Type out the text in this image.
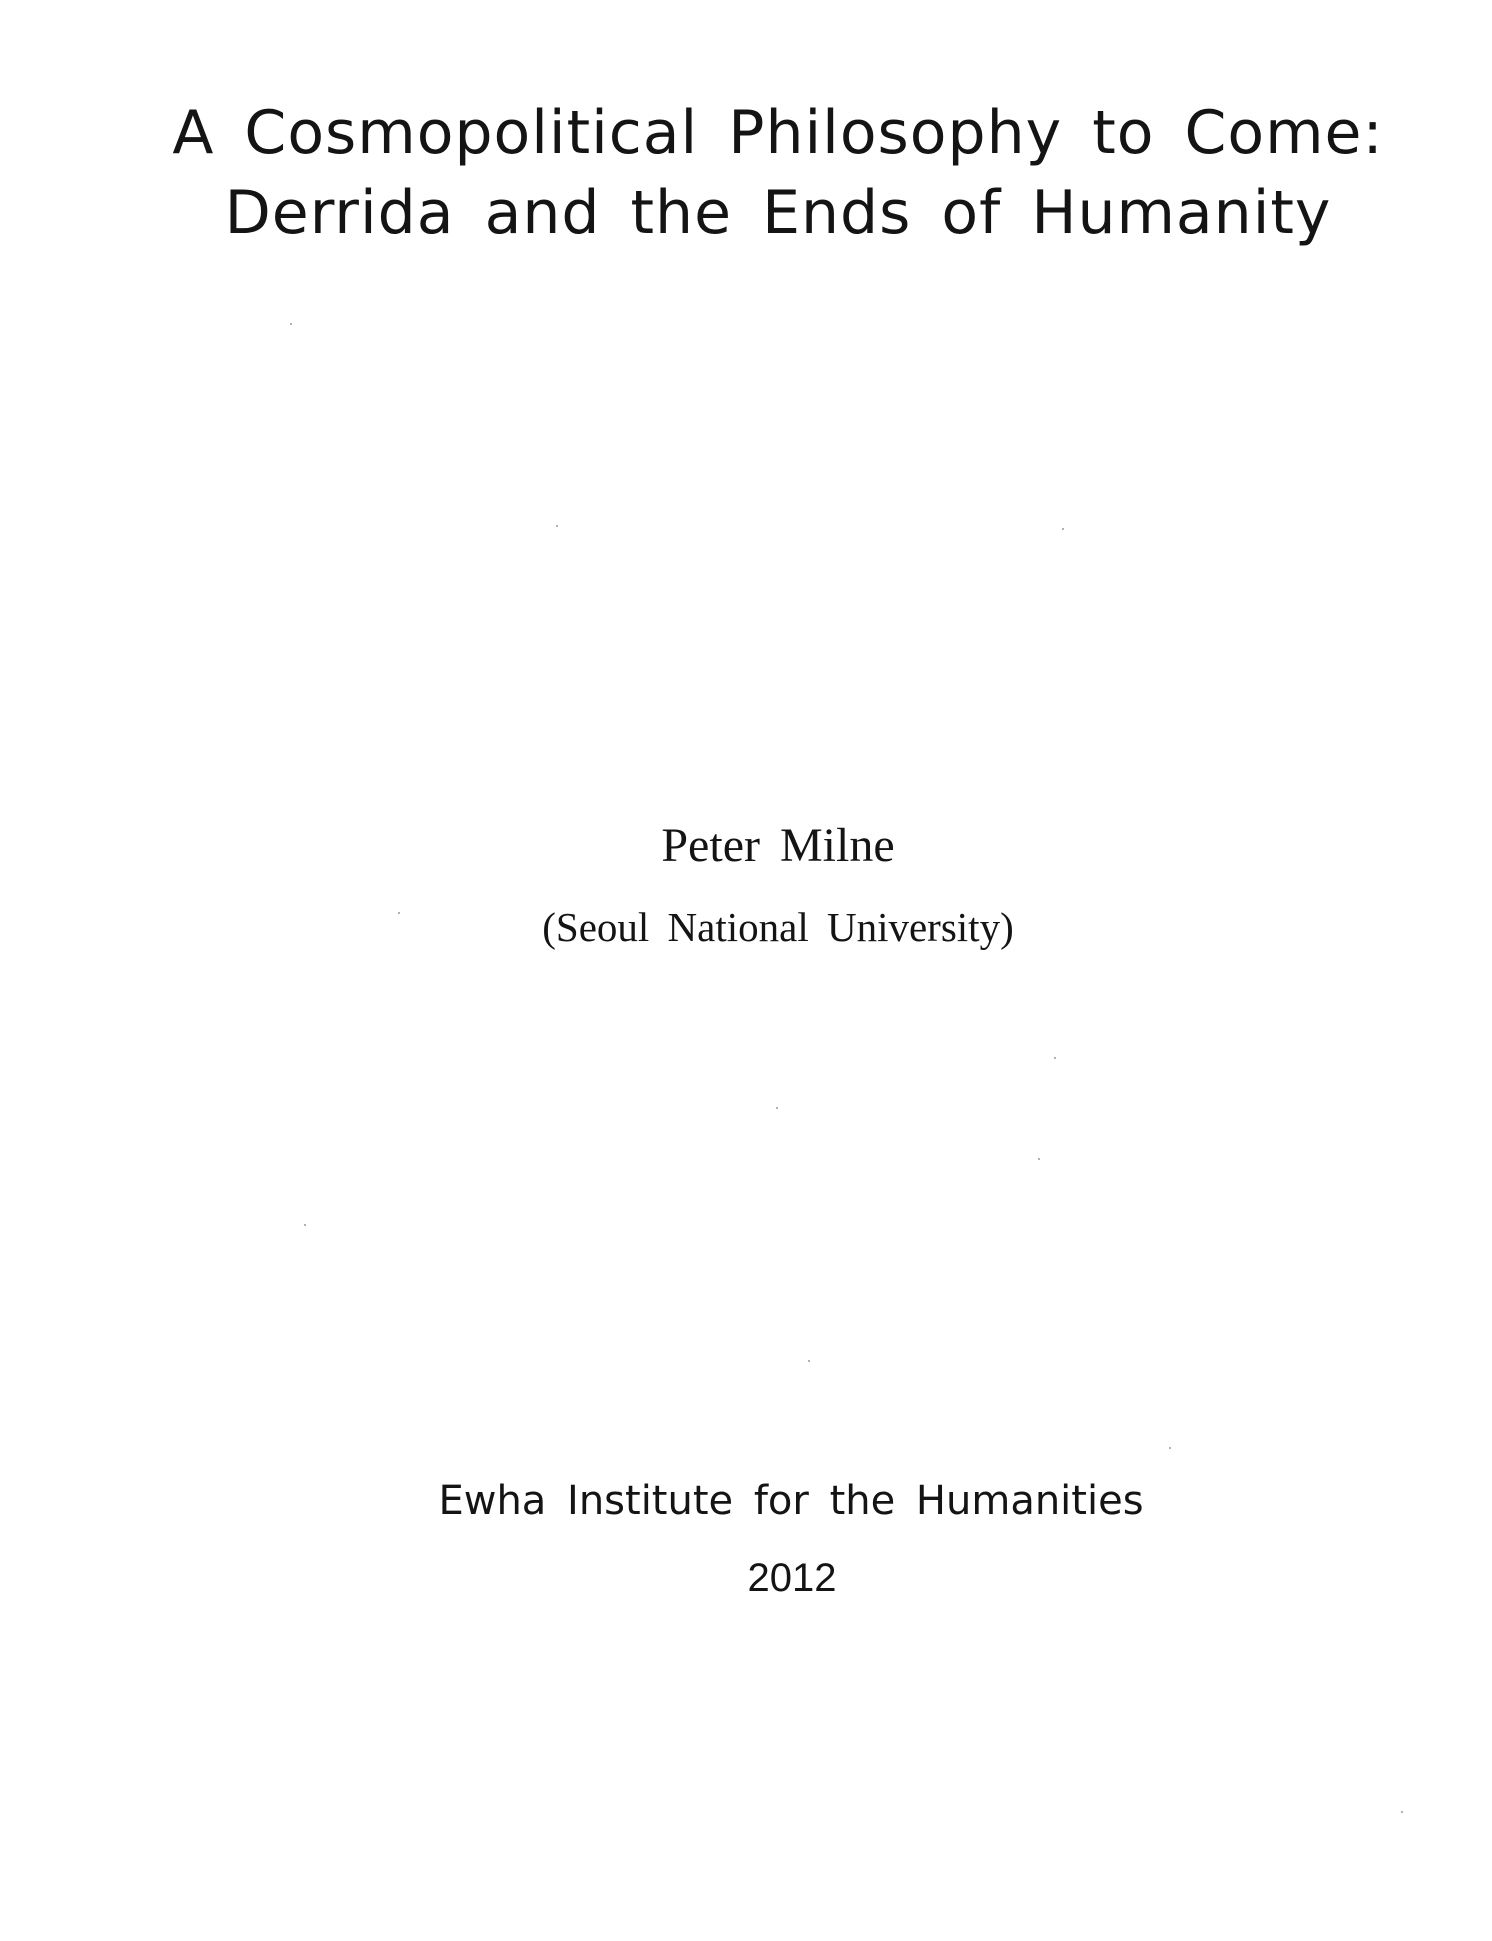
A Cosmopolitical Philosophy to Come:
Derrida and the Ends of Humanity
Peter Milne
(Seoul National University)
Ewha Institute for the Humanities
2012
